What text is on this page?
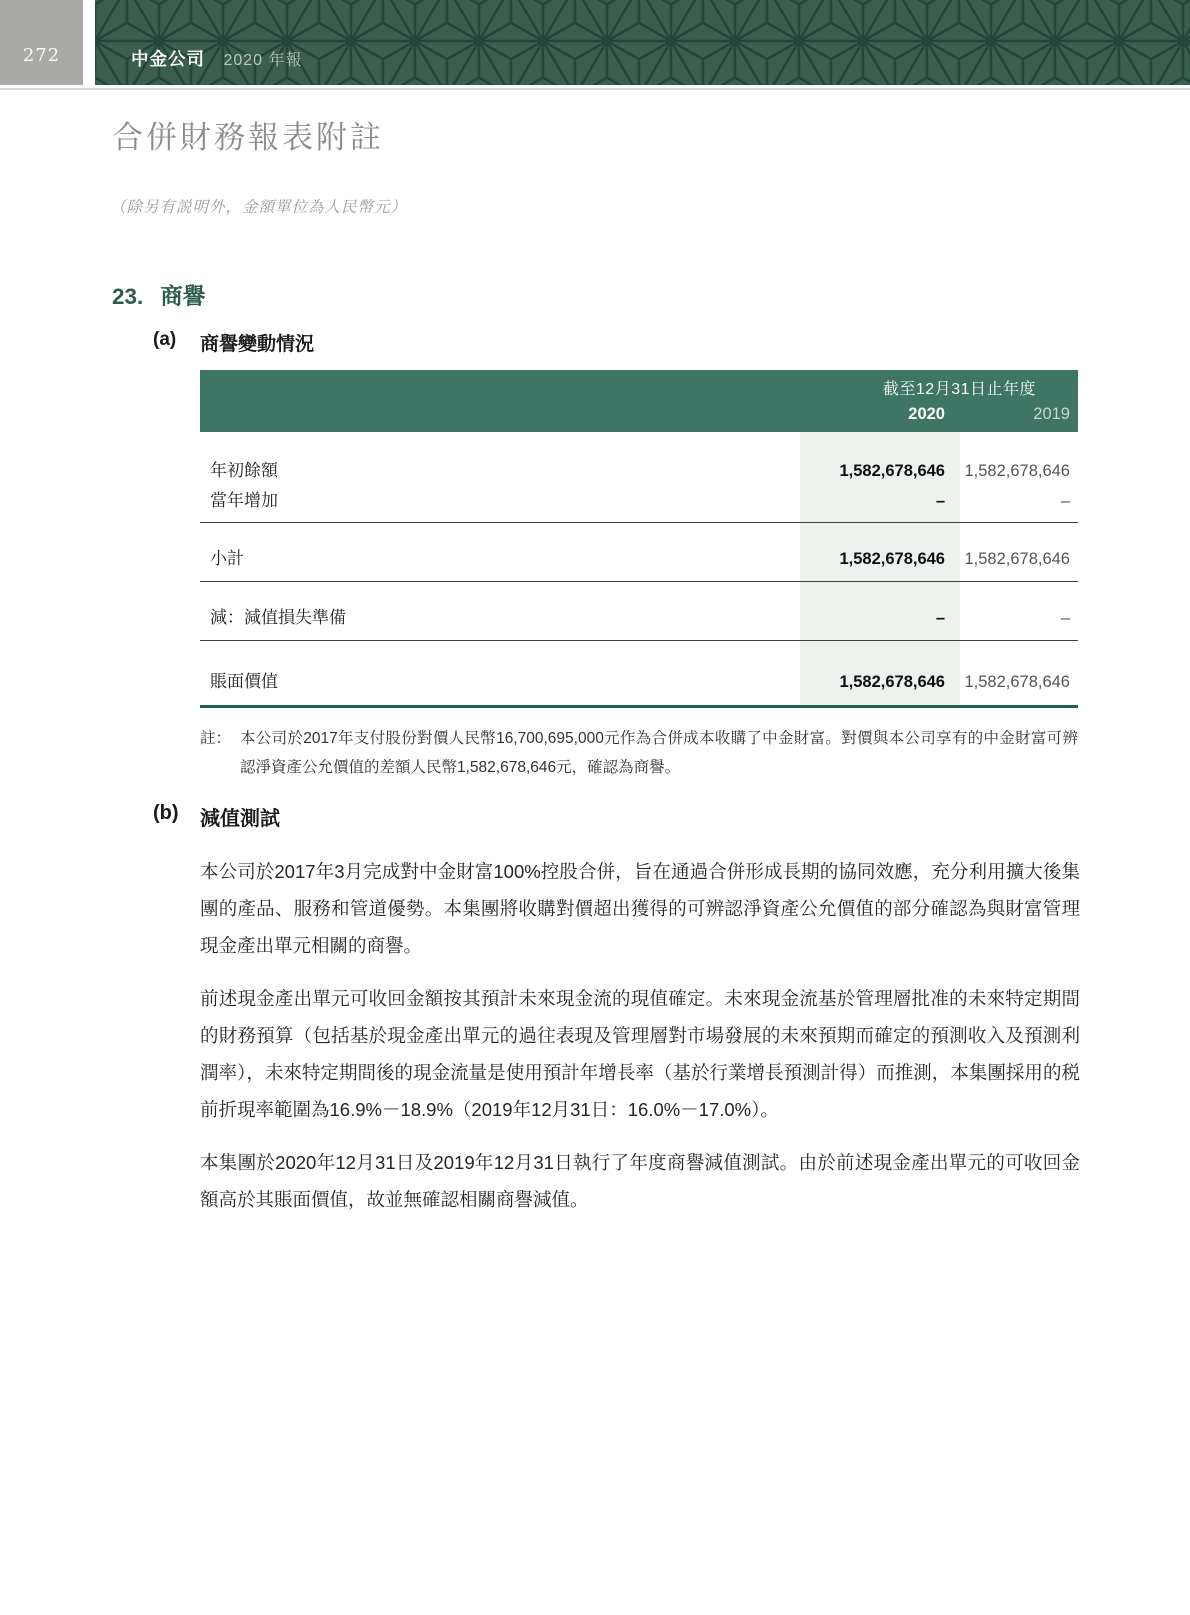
272	中金公司 2020 年報
合併財務報表附註

（除另有説明外，金額單位為人民幣元）

23. 商譽
(a)	商譽變動情況
截至12月31日止年度
2020	2019
年初餘額	1,582,678,646	1,582,678,646
當年增加	–	–
小計	1,582,678,646	1,582,678,646
減：減值損失準備	–	–
賬面價值	1,582,678,646	1,582,678,646
註： 本公司於2017年支付股份對價人民幣16,700,695,000元作為合併成本收購了中金財富。對價與本公司享有的中金財富可辨認淨資產公允價值的差額人民幣1,582,678,646元，確認為商譽。

(b)	減值測試

本公司於2017年3月完成對中金財富100%控股合併，旨在通過合併形成長期的協同效應，充分利用擴大後集團的產品、服務和管道優勢。本集團將收購對價超出獲得的可辨認淨資產公允價值的部分確認為與財富管理現金產出單元相關的商譽。

前述現金產出單元可收回金額按其預計未來現金流的現值確定。未來現金流基於管理層批准的未來特定期間的財務預算（包括基於現金產出單元的過往表現及管理層對市場發展的未來預期而確定的預測收入及預測利潤率），未來特定期間後的現金流量是使用預計年增長率（基於行業增長預測計得）而推測，本集團採用的税前折現率範圍為16.9%－18.9%（2019年12月31日：16.0%－17.0%）。

本集團於2020年12月31日及2019年12月31日執行了年度商譽減值測試。由於前述現金產出單元的可收回金額高於其賬面價值，故並無確認相關商譽減值。
